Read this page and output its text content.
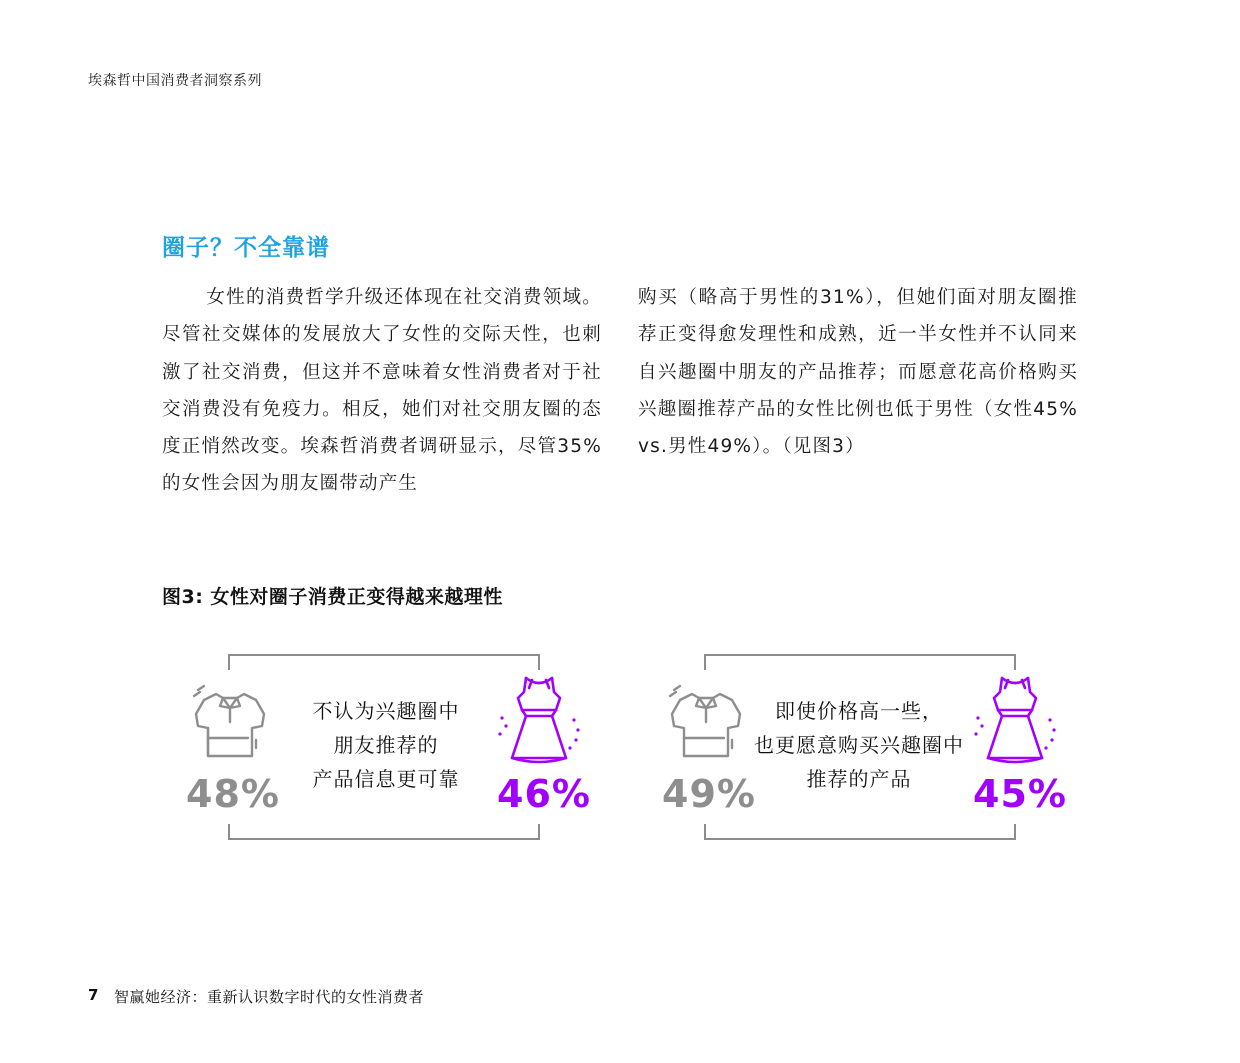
埃森哲中国消费者洞察系列
圈子？不全靠谱

女性的消费哲学升级还体现在社交消费领域。尽管社交媒体的发展放大了女性的交际天性，也刺激了社交消费，但这并不意味着女性消费者对于社交消费没有免疫力。相反，她们对社交朋友圈的态度正悄然改变。埃森哲消费者调研显示，尽管35%的女性会因为朋友圈带动产生

购买（略高于男性的31%），但她们面对朋友圈推荐正变得愈发理性和成熟，近一半女性并不认同来自兴趣圈中朋友的产品推荐；而愿意花高价格购买兴趣圈推荐产品的女性比例也低于男性（女性45% vs.男性49%）。（见图3）

图3: 女性对圈子消费正变得越来越理性
48%	46%
不认为兴趣圈中
朋友推荐的
产品信息更可靠	49%	45%
即使价格高一些，
也更愿意购买兴趣圈中
推荐的产品
7 智赢她经济：重新认识数字时代的女性消费者
